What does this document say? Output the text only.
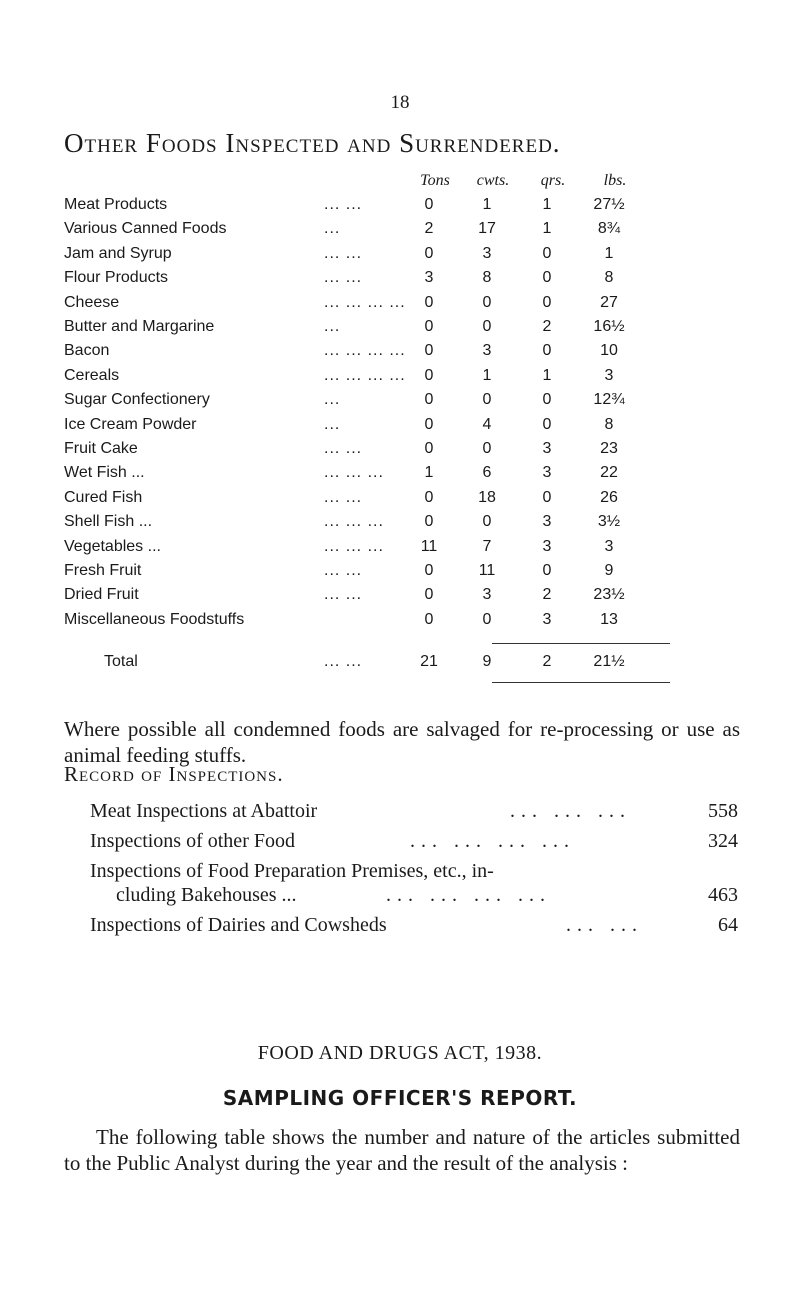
18
Other Foods Inspected and Surrendered.
Tons	cwts.	qrs.	lbs.
Meat Products	... ...	0	1	1	27½
Various Canned Foods	...	2	17	1	8¾
Jam and Syrup	... ...	0	3	0	1
Flour Products	... ...	3	8	0	8
Cheese	... ... ... ...	0	0	0	27
Butter and Margarine	...	0	0	2	16½
Bacon	... ... ... ...	0	3	0	10
Cereals	... ... ... ...	0	1	1	3
Sugar Confectionery	...	0	0	0	12¾
Ice Cream Powder	...	0	4	0	8
Fruit Cake	... ...	0	0	3	23
Wet Fish ...	... ... ...	1	6	3	22
Cured Fish	... ...	0	18	0	26
Shell Fish ...	... ... ...	0	0	3	3½
Vegetables ...	... ... ...	11	7	3	3
Fresh Fruit	... ...	0	11	0	9
Dried Fruit	... ...	0	3	2	23½
Miscellaneous Foodstuffs	0	0	3	13
Total	... ...	21	9	2	21½
Where possible all condemned foods are salvaged for re-processing or use as animal feeding stuffs.
Record of Inspections.
Meat Inspections at Abattoir	... ... ...	558
Inspections of other Food	... ... ... ...	324
Inspections of Food Preparation Premises, etc., in-
cluding Bakehouses ...	... ... ... ...	463
Inspections of Dairies and Cowsheds	... ...	64
FOOD AND DRUGS ACT, 1938.
SAMPLING OFFICER'S REPORT.
The following table shows the number and nature of the articles submitted to the Public Analyst during the year and the result of the analysis :
